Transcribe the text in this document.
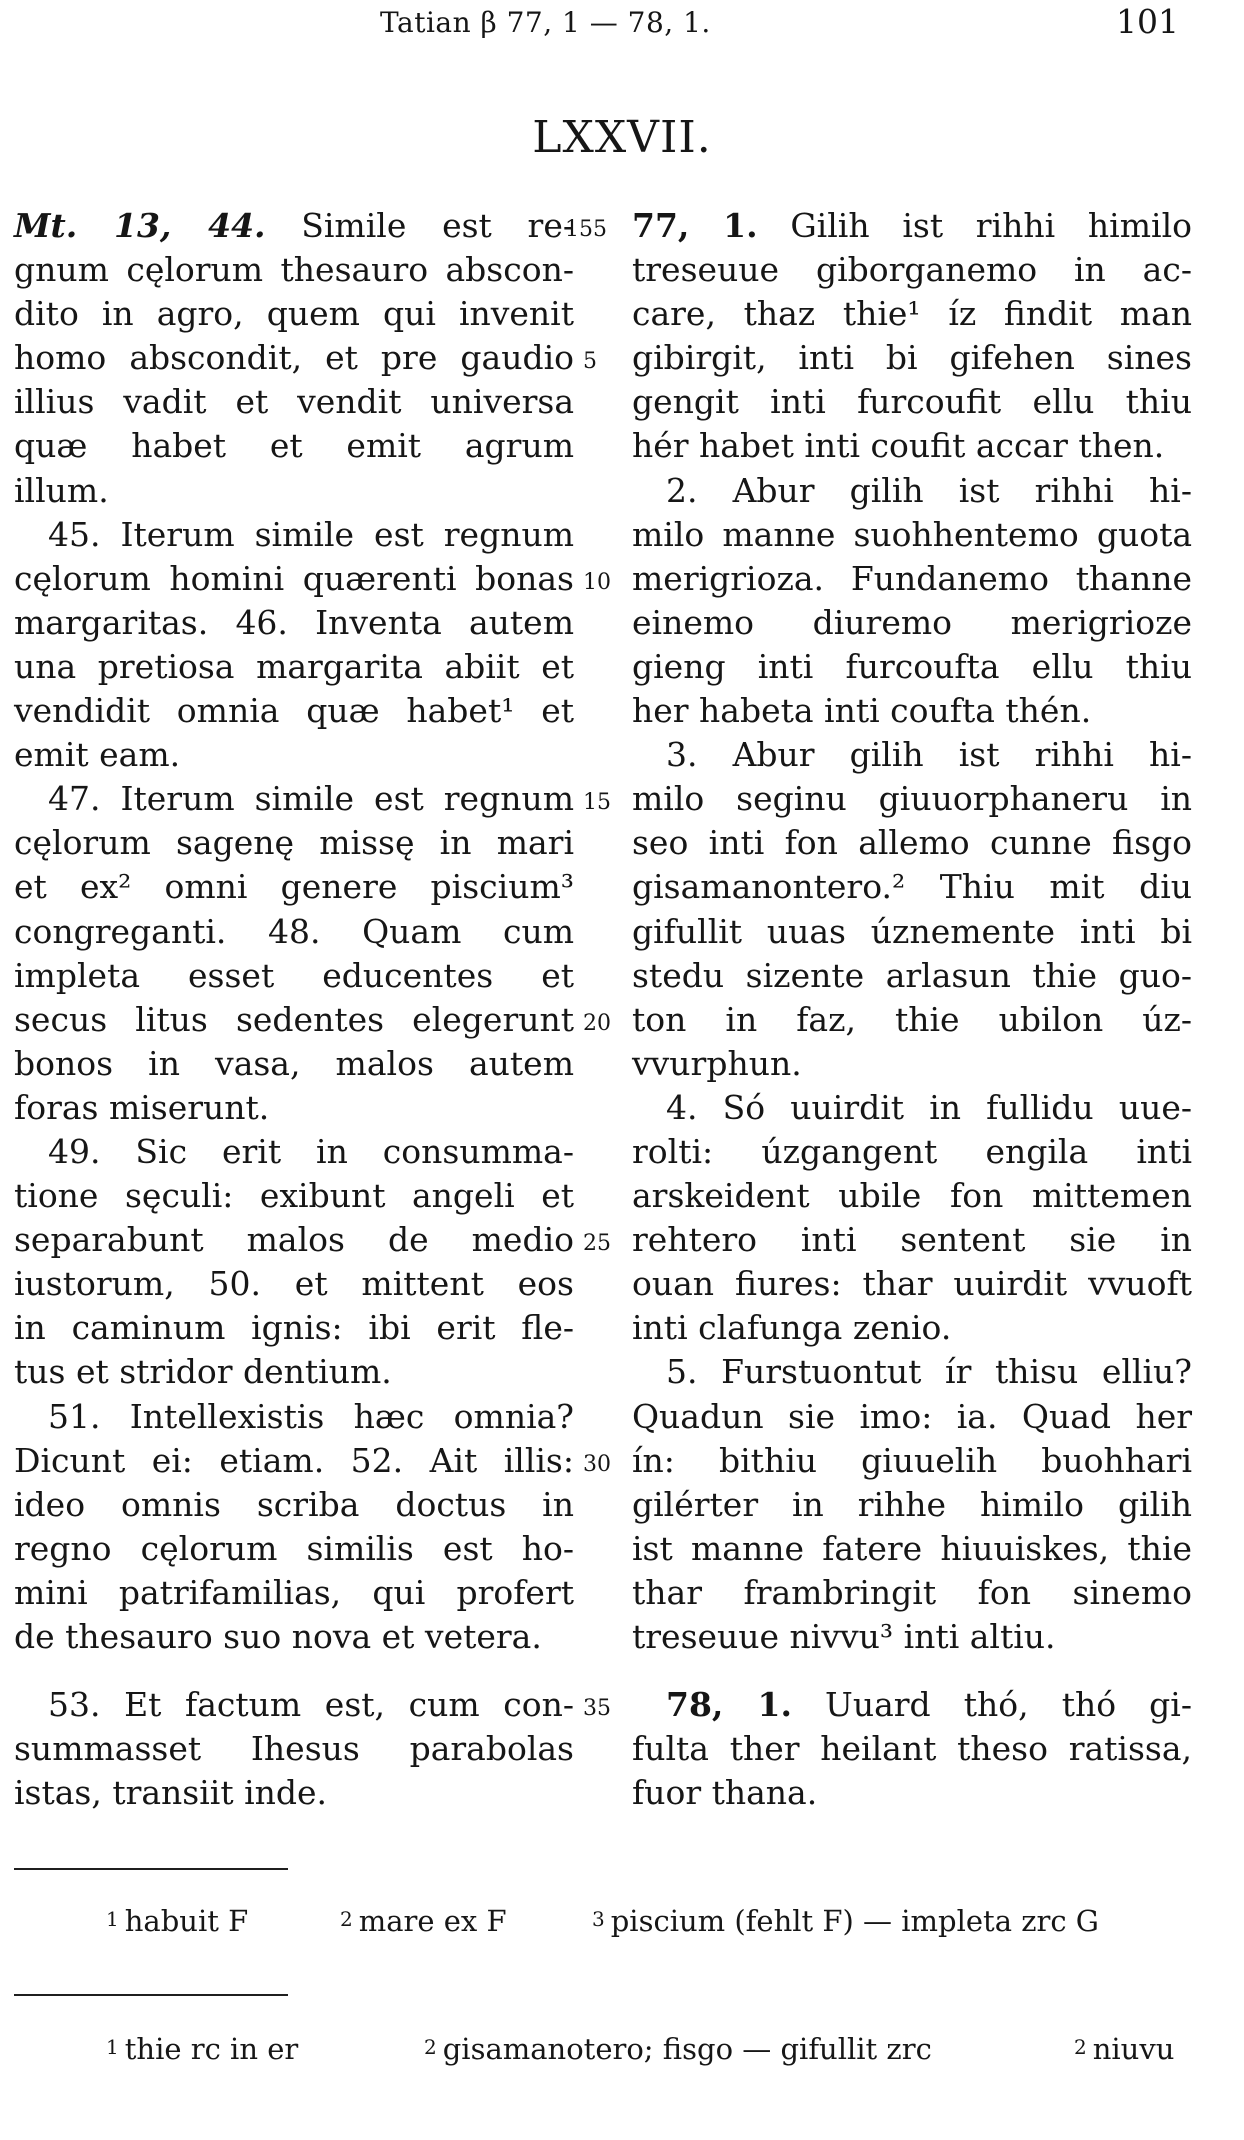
Tatian β 77, 1 — 78, 1.	101
LXXVII.
Mt. 13, 44. Simile est re-
gnum cęlorum thesauro abscon-
dito in agro, quem qui invenit
homo abscondit, et pre gaudio
illius vadit et vendit universa
quæ habet et emit agrum
illum.
45. Iterum simile est regnum
cęlorum homini quærenti bonas
margaritas. 46. Inventa autem
una pretiosa margarita abiit et
vendidit omnia quæ habet¹ et
emit eam.
47. Iterum simile est regnum
cęlorum sagenę missę in mari
et ex² omni genere piscium³
congreganti. 48. Quam cum
impleta esset educentes et
secus litus sedentes elegerunt
bonos in vasa, malos autem
foras miserunt.
49. Sic erit in consumma-
tione sęculi: exibunt angeli et
separabunt malos de medio
iustorum, 50. et mittent eos
in caminum ignis: ibi erit fle-
tus et stridor dentium.
51. Intellexistis hæc omnia?
Dicunt ei: etiam. 52. Ait illis:
ideo omnis scriba doctus in
regno cęlorum similis est ho-
mini patrifamilias, qui profert
de thesauro suo nova et vetera.
53. Et factum est, cum con-
summasset Ihesus parabolas
istas, transiit inde.
155
5
10
15
20
25
30
35
77, 1. Gilih ist rihhi himilo
treseuue giborganemo in ac-
care, thaz thie¹ íz findit man
gibirgit, inti bi gifehen sines
gengit inti furcoufit ellu thiu
hér habet inti coufit accar then.
2. Abur gilih ist rihhi hi-
milo manne suohhentemo guota
merigrioza. Fundanemo thanne
einemo diuremo merigrioze
gieng inti furcoufta ellu thiu
her habeta inti coufta thén.
3. Abur gilih ist rihhi hi-
milo seginu giuuorphaneru in
seo inti fon allemo cunne fisgo
gisamanontero.² Thiu mit diu
gifullit uuas úznemente inti bi
stedu sizente arlasun thie guo-
ton in faz, thie ubilon úz-
vvurphun.
4. Só uuirdit in fullidu uue-
rolti: úzgangent engila inti
arskeident ubile fon mittemen
rehtero inti sentent sie in
ouan fiures: thar uuirdit vvuoft
inti clafunga zenio.
5. Furstuontut ír thisu elliu?
Quadun sie imo: ia. Quad her
ín: bithiu giuuelih buohhari
gilérter in rihhe himilo gilih
ist manne fatere hiuuiskes, thie
thar frambringit fon sinemo
treseuue nivvu³ inti altiu.
78, 1. Uuard thó, thó gi-
fulta ther heilant theso ratissa,
fuor thana.
1 habuit F	2 mare ex F	3 piscium (fehlt F) — impleta zrc G
1 thie rc in er	2 gisamanotero; fisgo — gifullit zrc	2 niuvu
